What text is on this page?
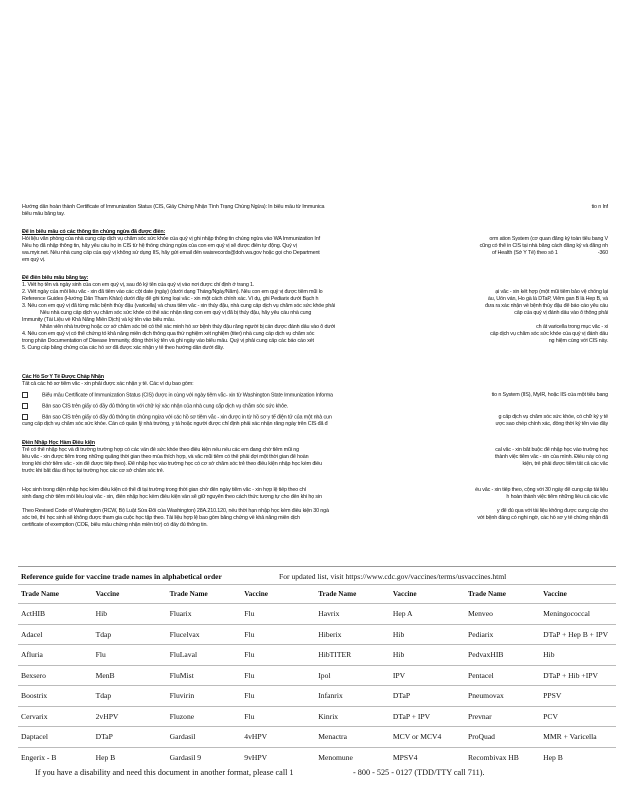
Hướng dẫn hoàn thành Certificate of Immunization Status (CIS, Giấy Chứng Nhận Tình Trạng Chủng Ngừa): In biểu mẫu từ Immunica	tio n Inf
biểu mẫu bằng tay.
Để in biểu mẫu có các thông tin chủng ngừa đã được điền:
Hỏi liệu văn phòng của nhà cung cấp dịch vụ chăm sóc sức khỏe của quý vị ghi nhập thông tin chủng ngừa vào WA Immunization Inf	orm ation System (cơ quan đăng ký toàn tiểu bang V
Nếu họ đã nhập thông tin, hãy yêu cầu họ in CIS từ hệ thống chủng ngừa của con em quý vị sẽ được điền tự động. Quý vị	cũng có thể in CIS tại nhà bằng cách đăng ký và đăng nh
wa.myir.net. Nếu nhà cung cấp của quý vị không sử dụng IIS, hãy gửi email đến waisrecords@doh.wa.gov hoặc gọi cho Department	of Health (Sở Y Tế) theo số 1	-360
em quý vị.
Để điền biểu mẫu bằng tay:
1. Viết họ tên và ngày sinh của con em quý vị, sau đó ký tên của quý vị vào nơi được chỉ định ở trang 1.
2. Viết ngày của mỗi liều vắc - xin đã tiêm vào các cột date (ngày) (dưới dạng Tháng/Ngày/Năm). Nếu con em quý vị được tiêm mũi lo	ại vắc - xin kết hợp (một mũi tiêm bảo vệ chống lại
Reference Guides (Hướng Dẫn Tham Khảo) dưới đây để ghi từng loại vắc - xin một cách chính xác. Ví dụ, ghi Pediarix dưới Bạch h	ầu, Uốn ván, Ho gà là DTaP, Viêm gan B là Hep B, và
3. Nếu con em quý vị đã từng mắc bệnh thủy đậu (varicella) và chưa tiêm vắc - xin thủy đậu, nhà cung cấp dịch vụ chăm sóc sức khỏe phải	đưa ra xác nhận về bệnh thủy đậu để báo cáo yêu cầu
Nếu nhà cung cấp dịch vụ chăm sóc sức khỏe có thể xác nhận rằng con em quý vị đã bị thủy đậu, hãy yêu cầu nhà cung	cấp của quý vị đánh dấu vào ô thông phải
Immunity (Tài Liệu về Khả Năng Miễn Dịch) và ký tên vào biểu mẫu.
Nhân viên nhà trường hoặc cơ sở chăm sóc trẻ có thể xác minh hồ sơ bệnh thủy đậu rằng người bị cần được đánh dấu vào ô dưới	ch ất varicella trong mục vắc - xi
4. Nếu con em quý vị có thể chứng tỏ khả năng miễn dịch thông qua thử nghiệm xét nghiệm (titer) nhà cung cấp dịch vụ chăm sóc	cấp dịch vụ chăm sóc sức khỏe của quý vị đánh dấu
trong phần Documentation of Disease Immunity, đồng thời ký tên và ghi ngày vào biểu mẫu. Quý vị phải cung cấp các báo cáo xét	ng hiệm cùng với CIS này.
5. Cung cấp bằng chứng của các hồ sơ đã được xác nhận y tế theo hướng dẫn dưới đây.
Các Hồ Sơ Y Tế Được Chấp Nhận
Tất cả các hồ sơ tiêm vắc - xin phải được xác nhận y tế. Các ví dụ bao gồm:
Biểu mẫu Certificate of Immunization Status (CIS) được in cùng với ngày tiêm vắc- xin từ Washington State Immunization Informa	tio n System (IIS), MyIR, hoặc IIS của một tiểu bang
Bản sao CIS trên giấy có đầy đủ thông tin với chữ ký xác nhận của nhà cung cấp dịch vụ chăm sóc sức khỏe.
Bản sao CIS trên giấy có đầy đủ thông tin chủng ngừa với các hồ sơ tiêm vắc - xin được in từ hồ sơ y tế điện tử của một nhà cun	g cấp dịch vụ chăm sóc sức khỏe, có chữ ký y tế
cung cấp dịch vụ chăm sóc sức khỏe. Cần có quản lý nhà trường, y tá hoặc người được chỉ định phải xác nhận rằng ngày trên CIS đã đ	ược sao chép chính xác, đồng thời ký tên vào đây
Điền Nhập Học Hàm Điều kiện
Trẻ có thể nhập học và đi trường trường hợp có các vấn đề sức khỏe theo điều kiện nếu nếu các em đang chờ tiêm mũi ng	cal vắc - xin bắt buộc để nhập học vào trường học
liều vắc - xin được tiêm trong những quãng thời gian theo mùa thích hợp, và vắc mũi tiêm có thể phải đợi một thời gian để hoàn	thành việc tiêm vắc - xin của mình. Điều này có ng
trong khi chờ tiêm vắc - xin để được tiếp theo). Để nhập học vào trường học có cơ sở chăm sóc trẻ theo điều kiện nhập học kèm điều	kiện, trẻ phải được tiêm tất cả các vắc
trước khi bắt đầu đi học tại trường học các cơ sở chăm sóc trẻ.
Học sinh trong diện nhập học kèm điều kiện có thể đi tại trường trong thời gian chờ đến ngày tiêm vắc - xin hợp lệ tiếp theo chỉ	ều vắc - xin tiếp theo, cộng với 30 ngày để cung cấp tài liệu
sinh đang chờ tiêm mỗi liều loại vắc - xin, điền nhập học kèm điều kiện vẫn sẽ giữ nguyên theo cách thức tương tự cho đến khi họ sin	h hoàn thành việc tiêm những liều cả các vắc
Theo Revised Code of Washington (RCW, Bộ Luật Sửa Đổi của Washington) 28A.210.120, nếu thời hạn nhập học kèm điều kiện 30 ngà	y để đủ qua với tài liệu không được cung cấp cho
sóc trẻ, thì học sinh sẽ không được tham gia cuộc học tập theo. Tài liệu hợp lệ bao gồm bằng chứng về khả năng miễn dịch	với bệnh đáng có nghi ngờ, các hồ sơ y tế chứng nhận đã
certificate of exemption (COE, biểu mẫu chứng nhận miễn trừ) có đầy đủ thông tin.
Reference guide for vaccine trade names in alphabetical order	For updated list, visit https://www.cdc.gov/vaccines/terms/usvaccines.html
Trade Name	Vaccine	Trade Name	Vaccine	Trade Name	Vaccine	Trade Name	Vaccine
ActHIB	Hib	Fluarix	Flu	Havrix	Hep A	Menveo	Meningococcal
Adacel	Tdap	Flucelvax	Flu	Hiberix	Hib	Pediarix	DTaP + Hep B + IPV
Afluria	Flu	FluLaval	Flu	HibTITER	Hib	PedvaxHIB	Hib
Bexsero	MenB	FluMist	Flu	Ipol	IPV	Pentacel	DTaP + Hib +IPV
Boostrix	Tdap	Fluvirin	Flu	Infanrix	DTaP	Pneumovax	PPSV
Cervarix	2vHPV	Fluzone	Flu	Kinrix	DTaP + IPV	Prevnar	PCV
Daptacel	DTaP	Gardasil	4vHPV	Menactra	MCV or MCV4	ProQuad	MMR + Varicella
Engerix - B	Hep B	Gardasil 9	9vHPV	Menomune	MPSV4	Recombivax HB	Hep B
If you have a disability and need this document in another format, please call 1	- 800 - 525 - 0127 (TDD/TTY call 711).
